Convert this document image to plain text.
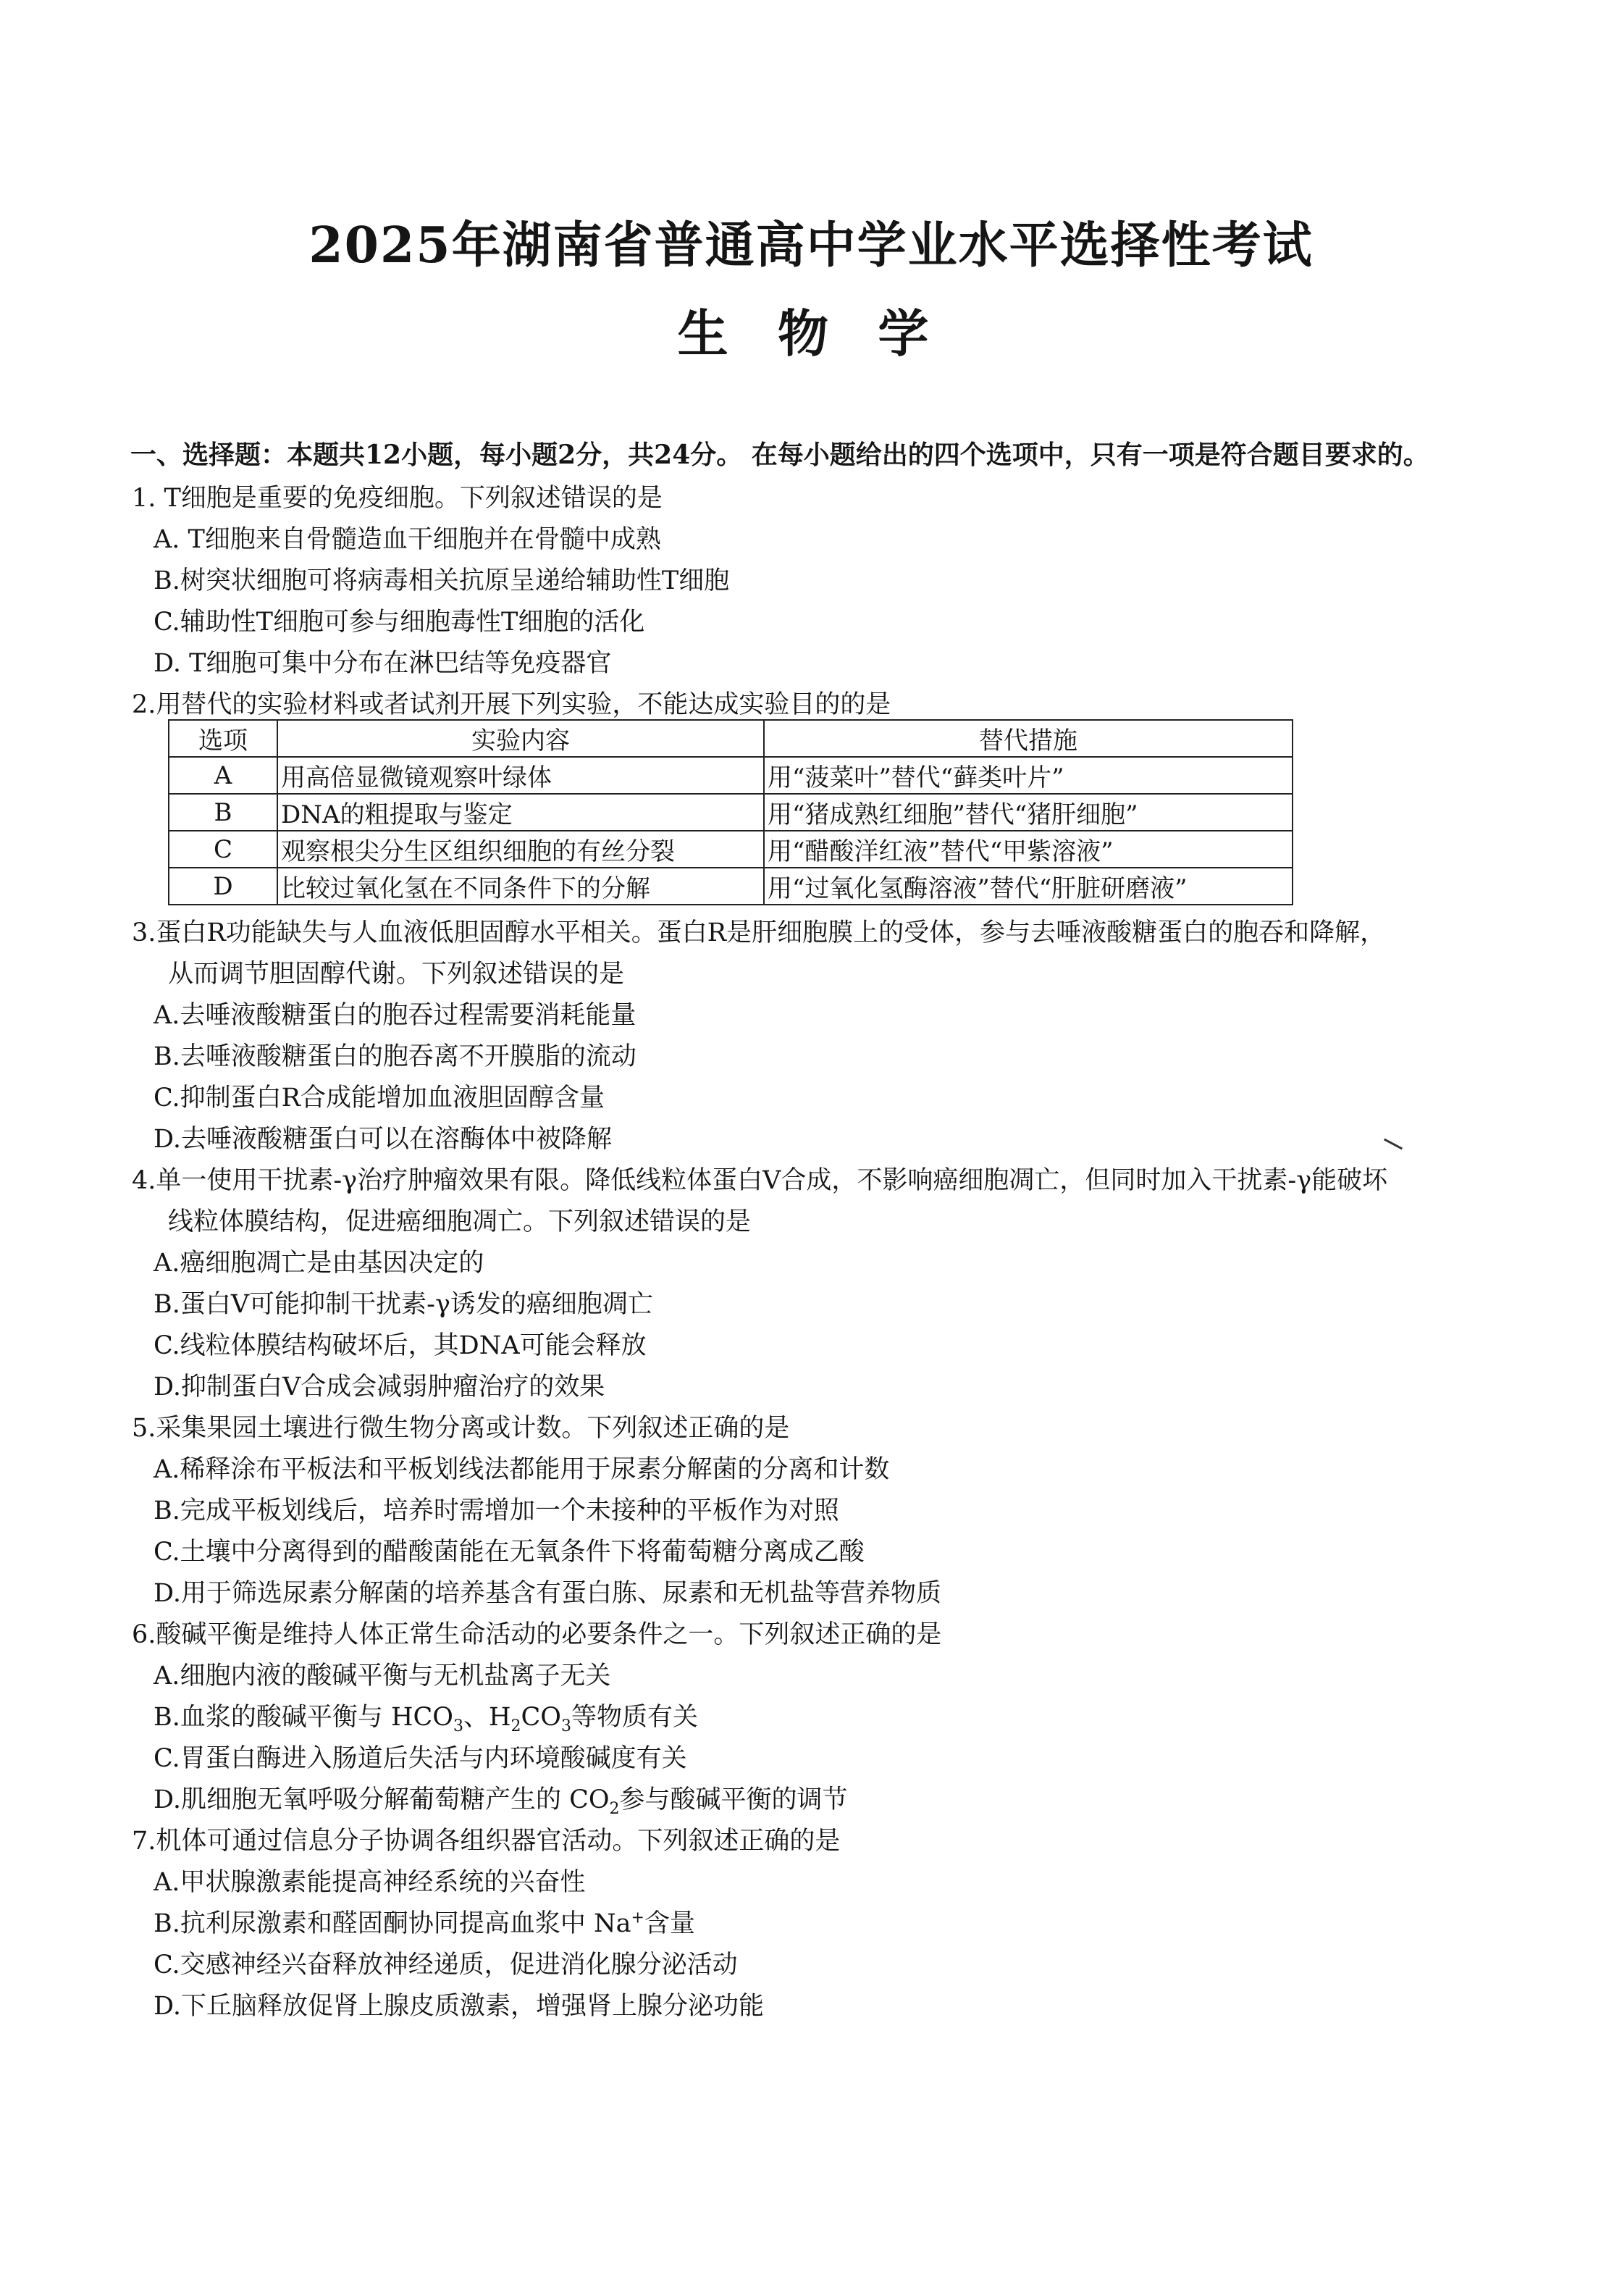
2025年湖南省普通高中学业水平选择性考试
生 物 学
一、选择题：本题共12小题，每小题2分，共24分。 在每小题给出的四个选项中，只有一项是符合题目要求的。
1. T细胞是重要的免疫细胞。下列叙述错误的是
A. T细胞来自骨髓造血干细胞并在骨髓中成熟
B.树突状细胞可将病毒相关抗原呈递给辅助性T细胞
C.辅助性T细胞可参与细胞毒性T细胞的活化
D. T细胞可集中分布在淋巴结等免疫器官
2.用替代的实验材料或者试剂开展下列实验，不能达成实验目的的是
选项	实验内容	替代措施
A	用高倍显微镜观察叶绿体	用“菠菜叶”替代“藓类叶片”
B	DNA的粗提取与鉴定	用“猪成熟红细胞”替代“猪肝细胞”
C	观察根尖分生区组织细胞的有丝分裂	用“醋酸洋红液”替代“甲紫溶液”
D	比较过氧化氢在不同条件下的分解	用“过氧化氢酶溶液”替代“肝脏研磨液”
3.蛋白R功能缺失与人血液低胆固醇水平相关。蛋白R是肝细胞膜上的受体，参与去唾液酸糖蛋白的胞吞和降解，
从而调节胆固醇代谢。下列叙述错误的是
A.去唾液酸糖蛋白的胞吞过程需要消耗能量
B.去唾液酸糖蛋白的胞吞离不开膜脂的流动
C.抑制蛋白R合成能增加血液胆固醇含量
D.去唾液酸糖蛋白可以在溶酶体中被降解
4.单一使用干扰素-γ治疗肿瘤效果有限。降低线粒体蛋白V合成，不影响癌细胞凋亡，但同时加入干扰素-γ能破坏
线粒体膜结构，促进癌细胞凋亡。下列叙述错误的是
A.癌细胞凋亡是由基因决定的
B.蛋白V可能抑制干扰素-γ诱发的癌细胞凋亡
C.线粒体膜结构破坏后，其DNA可能会释放
D.抑制蛋白V合成会减弱肿瘤治疗的效果
5.采集果园土壤进行微生物分离或计数。下列叙述正确的是
A.稀释涂布平板法和平板划线法都能用于尿素分解菌的分离和计数
B.完成平板划线后，培养时需增加一个未接种的平板作为对照
C.土壤中分离得到的醋酸菌能在无氧条件下将葡萄糖分离成乙酸
D.用于筛选尿素分解菌的培养基含有蛋白胨、尿素和无机盐等营养物质
6.酸碱平衡是维持人体正常生命活动的必要条件之一。下列叙述正确的是
A.细胞内液的酸碱平衡与无机盐离子无关
B.血浆的酸碱平衡与 $HCO_3$、$H_2CO_3$等物质有关
C.胃蛋白酶进入肠道后失活与内环境酸碱度有关
D.肌细胞无氧呼吸分解葡萄糖产生的 $CO_2$参与酸碱平衡的调节
7.机体可通过信息分子协调各组织器官活动。下列叙述正确的是
A.甲状腺激素能提高神经系统的兴奋性
B.抗利尿激素和醛固酮协同提高血浆中 Na+含量
C.交感神经兴奋释放神经递质，促进消化腺分泌活动
D.下丘脑释放促肾上腺皮质激素，增强肾上腺分泌功能
